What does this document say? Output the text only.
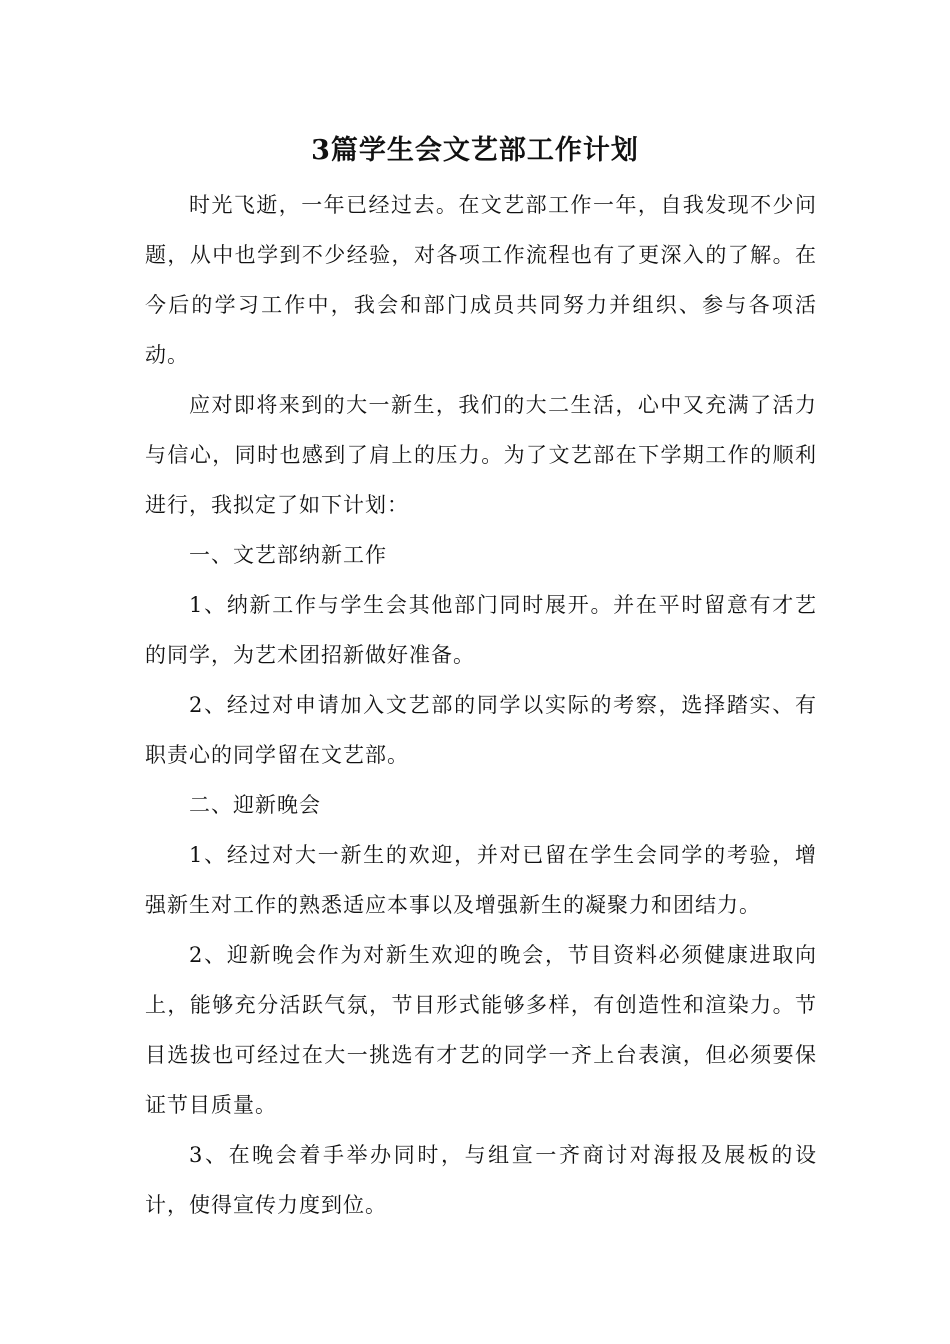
3篇学生会文艺部工作计划

时光飞逝，一年已经过去。在文艺部工作一年，自我发现不少问题，从中也学到不少经验，对各项工作流程也有了更深入的了解。在今后的学习工作中，我会和部门成员共同努力并组织、参与各项活动。

应对即将来到的大一新生，我们的大二生活，心中又充满了活力与信心，同时也感到了肩上的压力。为了文艺部在下学期工作的顺利进行，我拟定了如下计划：

一、文艺部纳新工作

1、纳新工作与学生会其他部门同时展开。并在平时留意有才艺的同学，为艺术团招新做好准备。

2、经过对申请加入文艺部的同学以实际的考察，选择踏实、有职责心的同学留在文艺部。

二、迎新晚会

1、经过对大一新生的欢迎，并对已留在学生会同学的考验，增强新生对工作的熟悉适应本事以及增强新生的凝聚力和团结力。

2、迎新晚会作为对新生欢迎的晚会，节目资料必须健康进取向上，能够充分活跃气氛，节目形式能够多样，有创造性和渲染力。节目选拔也可经过在大一挑选有才艺的同学一齐上台表演，但必须要保证节目质量。

3、在晚会着手举办同时，与组宣一齐商讨对海报及展板的设计，使得宣传力度到位。
